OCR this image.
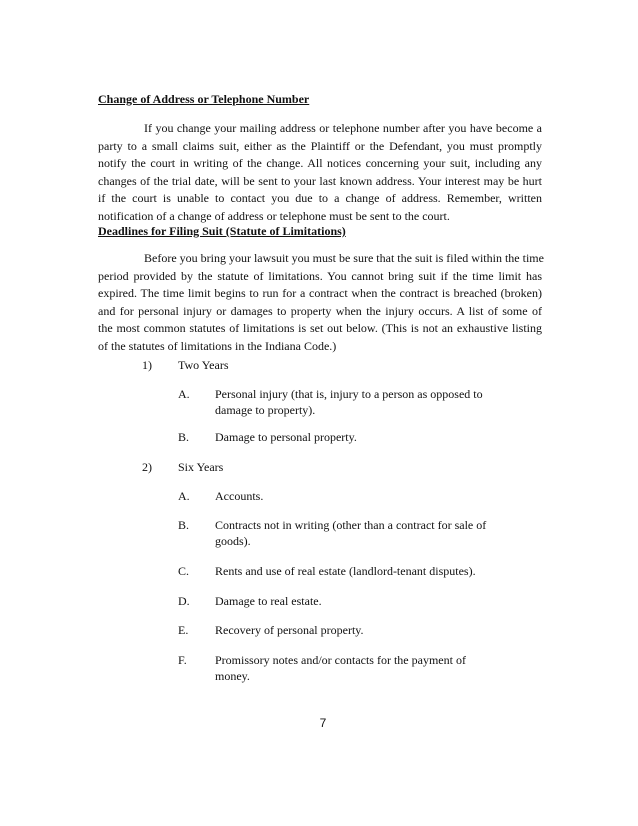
Change of Address or Telephone Number
If you change your mailing address or telephone number after you have become a
party to a small claims suit, either as the Plaintiff or the Defendant, you must promptly
notify the court in writing of the change. All notices concerning your suit, including any
changes of the trial date, will be sent to your last known address. Your interest may be hurt
if the court is unable to contact you due to a change of address. Remember, written
notification of a change of address or telephone must be sent to the court.
Deadlines for Filing Suit (Statute of Limitations)
Before you bring your lawsuit you must be sure that the suit is filed within the time
period provided by the statute of limitations. You cannot bring suit if the time limit has
expired. The time limit begins to run for a contract when the contract is breached (broken)
and for personal injury or damages to property when the injury occurs. A list of some of
the most common statutes of limitations is set out below. (This is not an exhaustive listing
of the statutes of limitations in the Indiana Code.)
1) Two Years
A. Personal injury (that is, injury to a person as opposed to
damage to property).
B. Damage to personal property.
2) Six Years
A. Accounts.
B. Contracts not in writing (other than a contract for sale of
goods).
C. Rents and use of real estate (landlord-tenant disputes).
D. Damage to real estate.
E. Recovery of personal property.
F. Promissory notes and/or contacts for the payment of
money.
7
